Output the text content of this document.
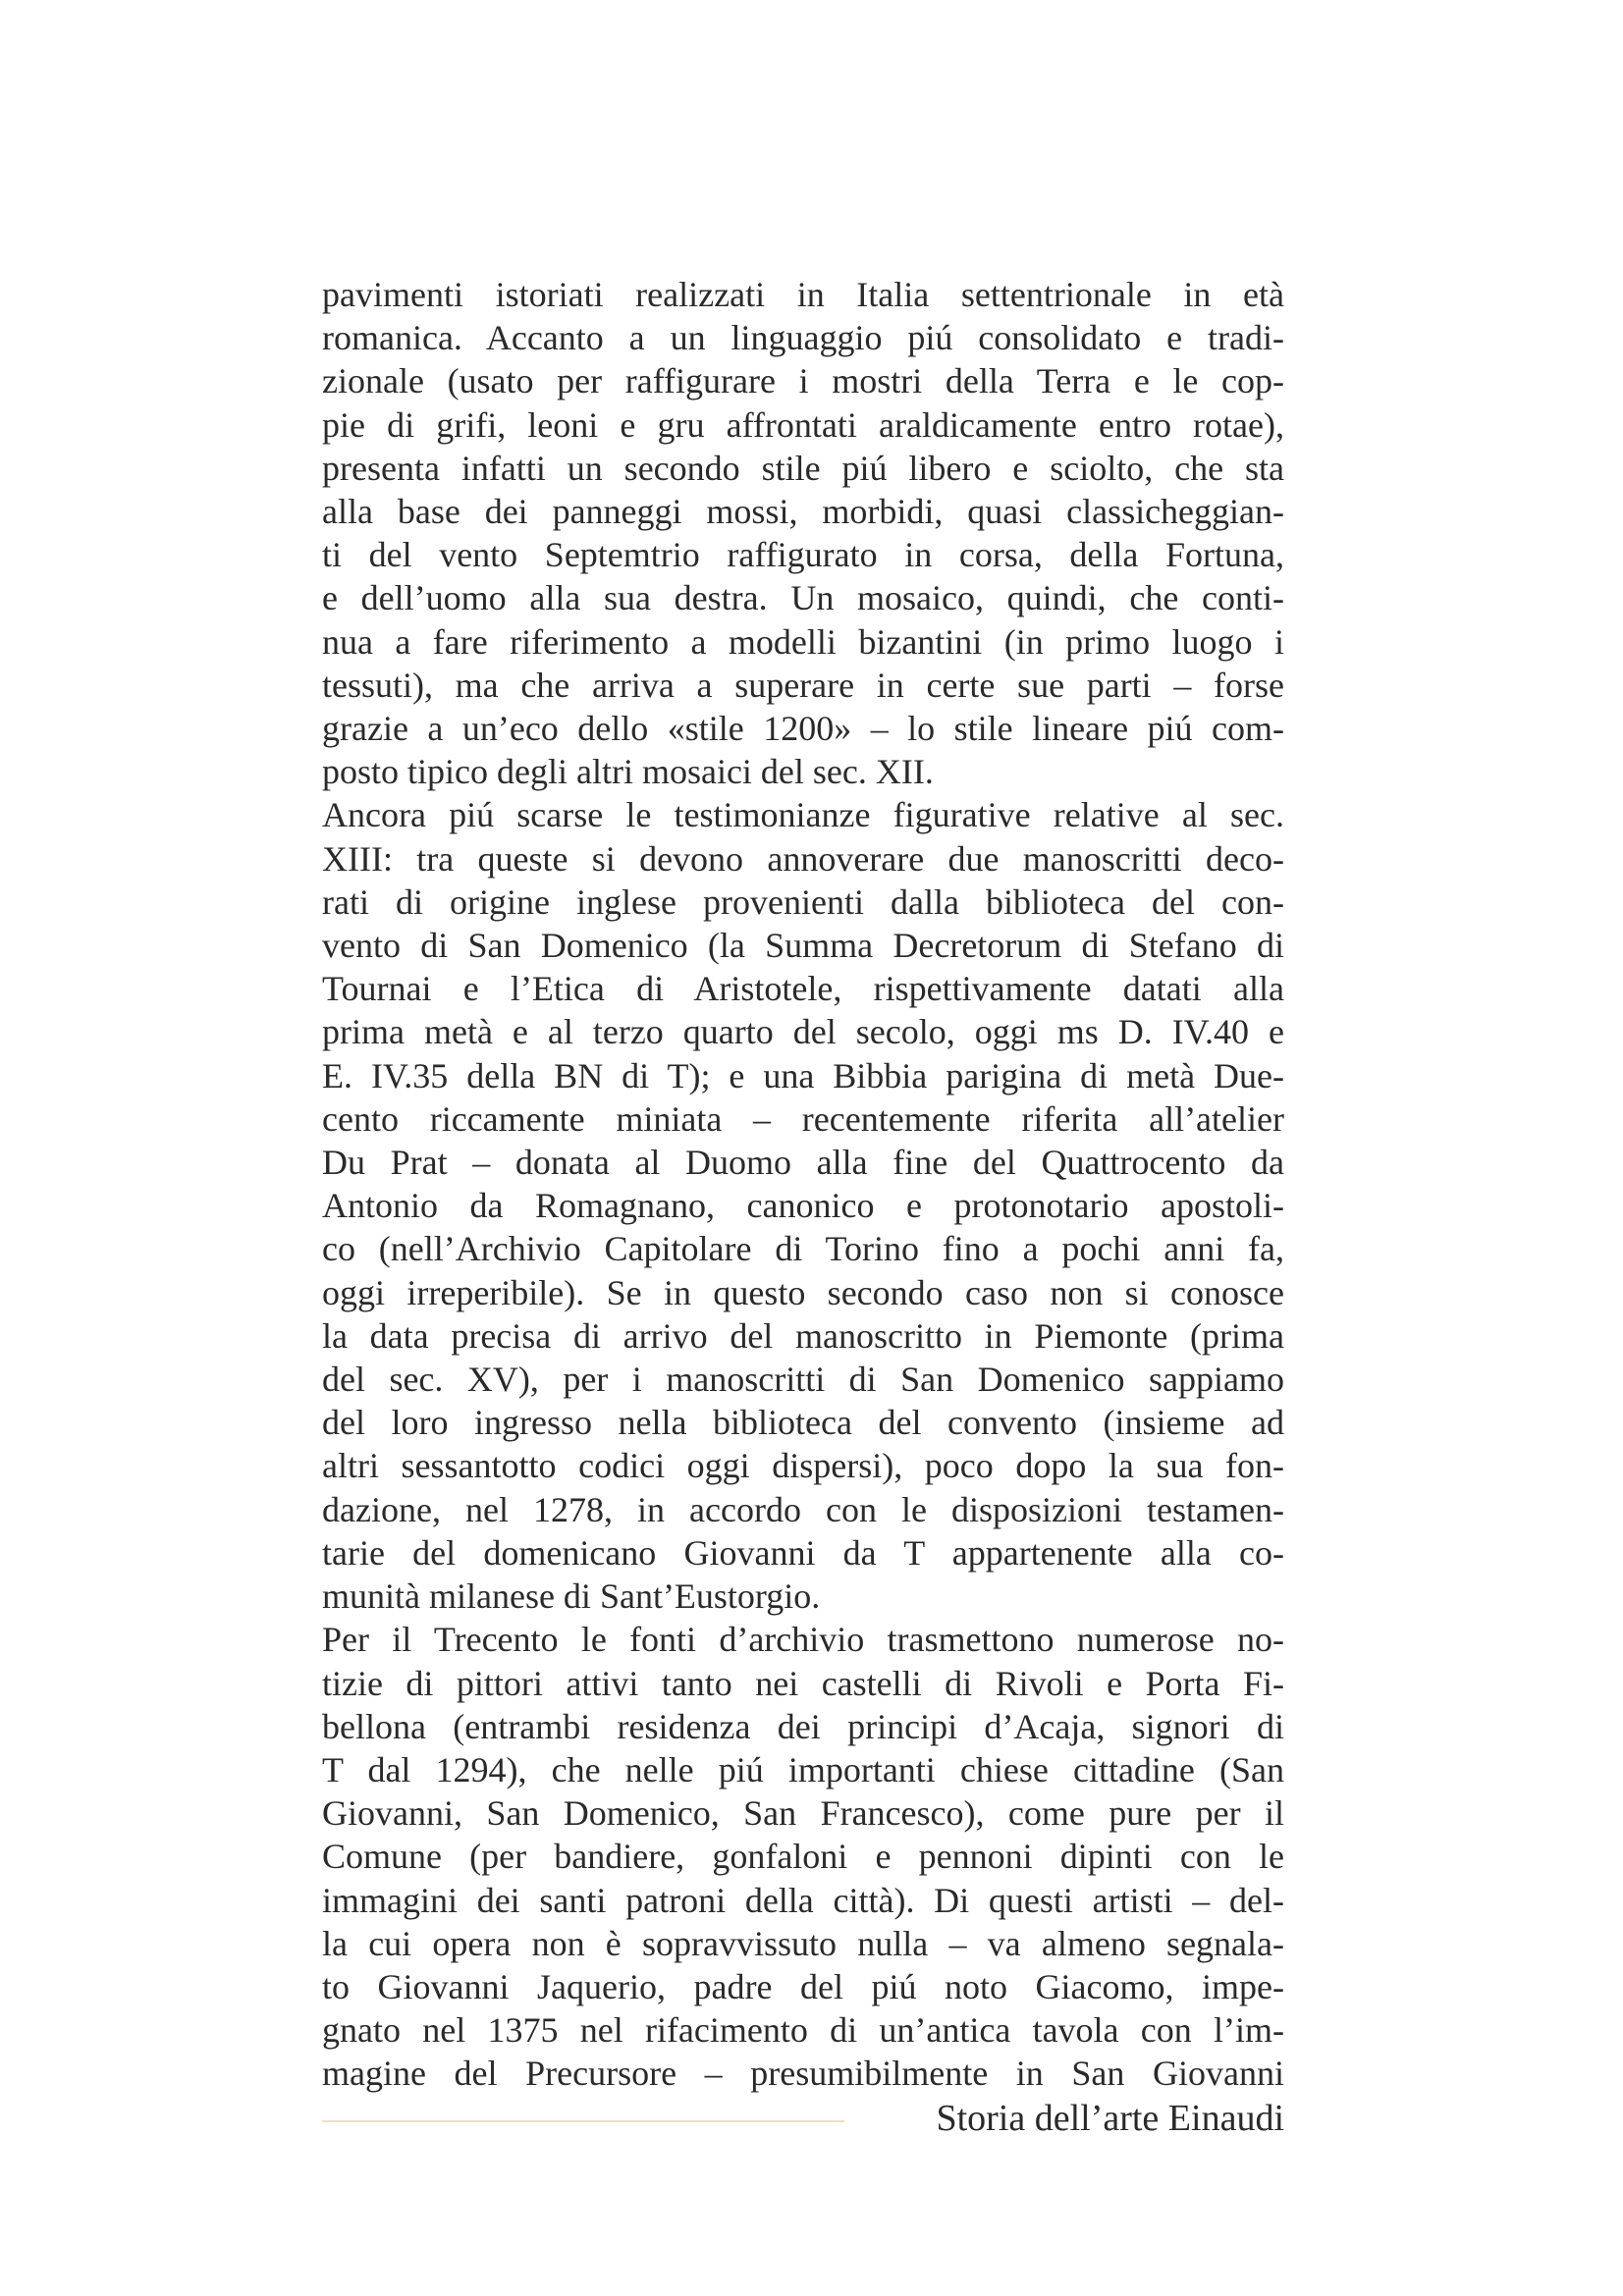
pavimenti istoriati realizzati in Italia settentrionale in età
romanica. Accanto a un linguaggio piú consolidato e tradi-
zionale (usato per raffigurare i mostri della Terra e le cop-
pie di grifi, leoni e gru affrontati araldicamente entro rotae),
presenta infatti un secondo stile piú libero e sciolto, che sta
alla base dei panneggi mossi, morbidi, quasi classicheggian-
ti del vento Septemtrio raffigurato in corsa, della Fortuna,
e dell’uomo alla sua destra. Un mosaico, quindi, che conti-
nua a fare riferimento a modelli bizantini (in primo luogo i
tessuti), ma che arriva a superare in certe sue parti – forse
grazie a un’eco dello «stile 1200» – lo stile lineare piú com-
posto tipico degli altri mosaici del sec. XII.
Ancora piú scarse le testimonianze figurative relative al sec.
XIII: tra queste si devono annoverare due manoscritti deco-
rati di origine inglese provenienti dalla biblioteca del con-
vento di San Domenico (la Summa Decretorum di Stefano di
Tournai e l’Etica di Aristotele, rispettivamente datati alla
prima metà e al terzo quarto del secolo, oggi ms D. IV.40 e
E. IV.35 della BN di T); e una Bibbia parigina di metà Due-
cento riccamente miniata – recentemente riferita all’atelier
Du Prat – donata al Duomo alla fine del Quattrocento da
Antonio da Romagnano, canonico e protonotario apostoli-
co (nell’Archivio Capitolare di Torino fino a pochi anni fa,
oggi irreperibile). Se in questo secondo caso non si conosce
la data precisa di arrivo del manoscritto in Piemonte (prima
del sec. XV), per i manoscritti di San Domenico sappiamo
del loro ingresso nella biblioteca del convento (insieme ad
altri sessantotto codici oggi dispersi), poco dopo la sua fon-
dazione, nel 1278, in accordo con le disposizioni testamen-
tarie del domenicano Giovanni da T appartenente alla co-
munità milanese di Sant’Eustorgio.
Per il Trecento le fonti d’archivio trasmettono numerose no-
tizie di pittori attivi tanto nei castelli di Rivoli e Porta Fi-
bellona (entrambi residenza dei principi d’Acaja, signori di
T dal 1294), che nelle piú importanti chiese cittadine (San
Giovanni, San Domenico, San Francesco), come pure per il
Comune (per bandiere, gonfaloni e pennoni dipinti con le
immagini dei santi patroni della città). Di questi artisti – del-
la cui opera non è sopravvissuto nulla – va almeno segnala-
to Giovanni Jaquerio, padre del piú noto Giacomo, impe-
gnato nel 1375 nel rifacimento di un’antica tavola con l’im-
magine del Precursore – presumibilmente in San Giovanni
Storia dell’arte Einaudi
